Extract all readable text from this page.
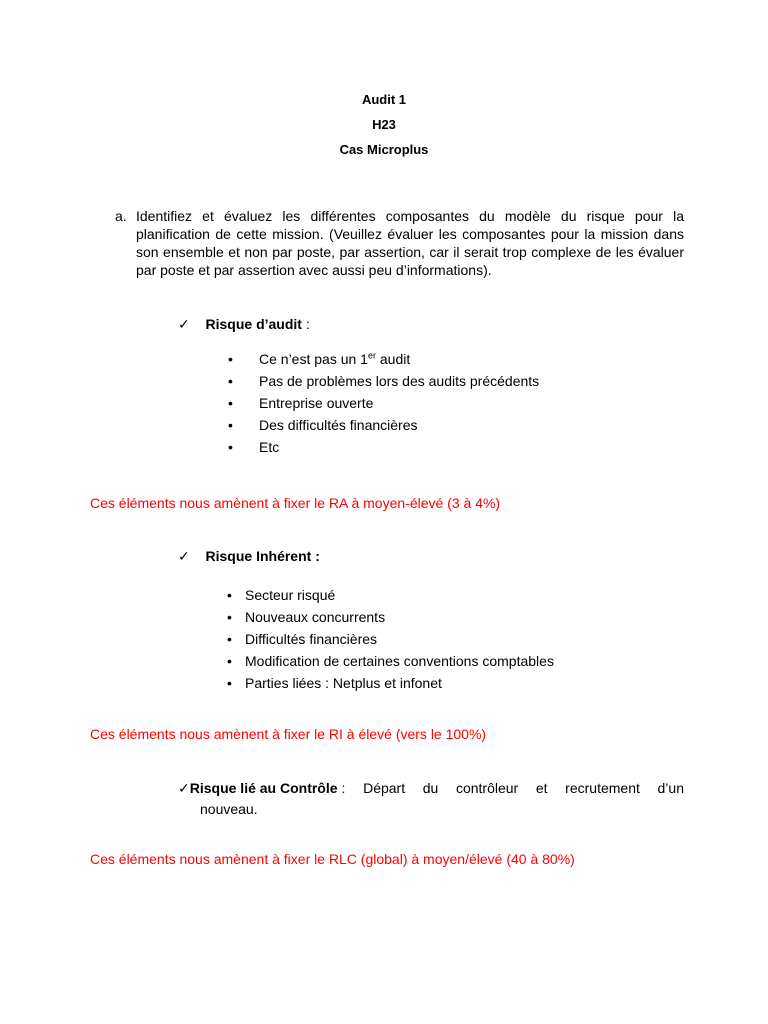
Audit 1
H23
Cas Microplus
a. Identifiez et évaluez les différentes composantes du modèle du risque pour la planification de cette mission. (Veuillez évaluer les composantes pour la mission dans son ensemble et non par poste, par assertion, car il serait trop complexe de les évaluer par poste et par assertion avec aussi peu d’informations).
✓ Risque d’audit :
• Ce n’est pas un 1er audit
• Pas de problèmes lors des audits précédents
• Entreprise ouverte
• Des difficultés financières
• Etc
Ces éléments nous amènent à fixer le RA à moyen-élevé (3 à 4%)
✓ Risque Inhérent :
• Secteur risqué
• Nouveaux concurrents
• Difficultés financières
• Modification de certaines conventions comptables
• Parties liées : Netplus et infonet
Ces éléments nous amènent à fixer le RI à élevé (vers le 100%)
✓Risque lié au Contrôle : Départ du contrôleur et recrutement d’un
nouveau.
Ces éléments nous amènent à fixer le RLC (global) à moyen/élevé (40 à 80%)
